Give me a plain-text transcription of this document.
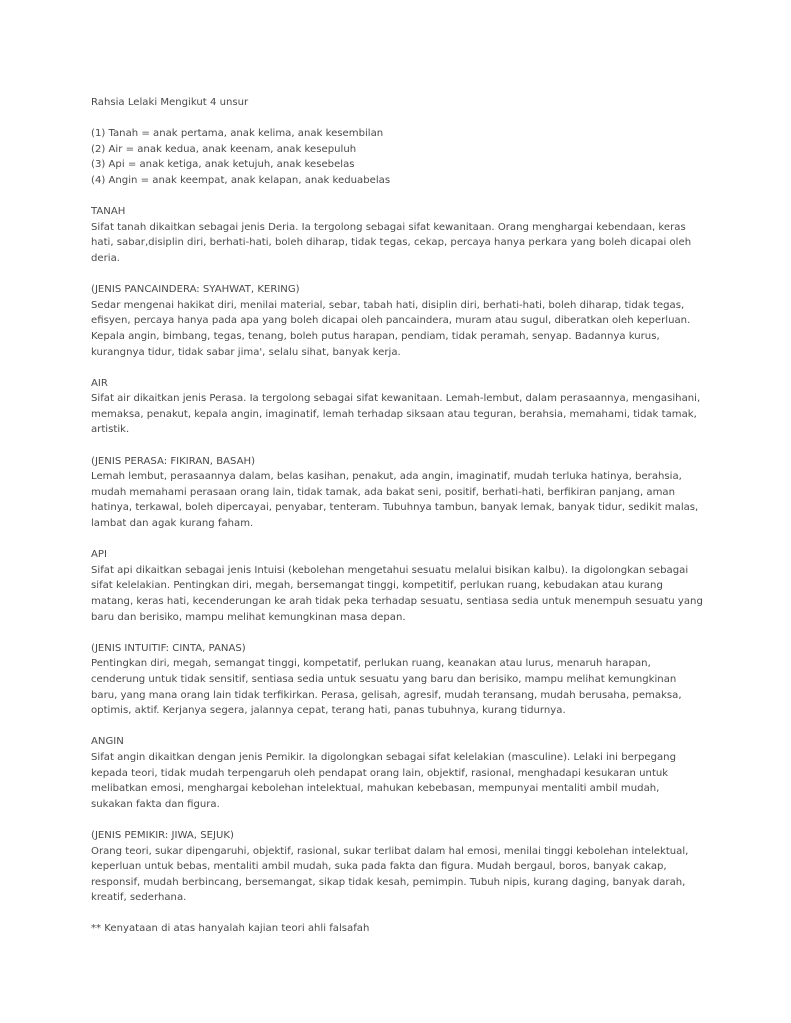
Rahsia Lelaki Mengikut 4 unsur

(1) Tanah = anak pertama, anak kelima, anak kesembilan

(2) Air = anak kedua, anak keenam, anak kesepuluh

(3) Api = anak ketiga, anak ketujuh, anak kesebelas

(4) Angin = anak keempat, anak kelapan, anak keduabelas

TANAH

Sifat tanah dikaitkan sebagai jenis Deria. Ia tergolong sebagai sifat kewanitaan. Orang menghargai kebendaan, keras hati, sabar,disiplin diri, berhati-hati, boleh diharap, tidak tegas, cekap, percaya hanya perkara yang boleh dicapai oleh deria.

(JENIS PANCAINDERA: SYAHWAT, KERING)

Sedar mengenai hakikat diri, menilai material, sebar, tabah hati, disiplin diri, berhati-hati, boleh diharap, tidak tegas, efisyen, percaya hanya pada apa yang boleh dicapai oleh pancaindera, muram atau sugul, diberatkan oleh keperluan. Kepala angin, bimbang, tegas, tenang, boleh putus harapan, pendiam, tidak peramah, senyap. Badannya kurus, kurangnya tidur, tidak sabar jima', selalu sihat, banyak kerja.

AIR

Sifat air dikaitkan jenis Perasa. Ia tergolong sebagai sifat kewanitaan. Lemah-lembut, dalam perasaannya, mengasihani, memaksa, penakut, kepala angin, imaginatif, lemah terhadap siksaan atau teguran, berahsia, memahami, tidak tamak, artistik.

(JENIS PERASA: FIKIRAN, BASAH)

Lemah lembut, perasaannya dalam, belas kasihan, penakut, ada angin, imaginatif, mudah terluka hatinya, berahsia, mudah memahami perasaan orang lain, tidak tamak, ada bakat seni, positif, berhati-hati, berfikiran panjang, aman hatinya, terkawal, boleh dipercayai, penyabar, tenteram. Tubuhnya tambun, banyak lemak, banyak tidur, sedikit malas, lambat dan agak kurang faham.

API

Sifat api dikaitkan sebagai jenis Intuisi (kebolehan mengetahui sesuatu melalui bisikan kalbu). Ia digolongkan sebagai sifat kelelakian. Pentingkan diri, megah, bersemangat tinggi, kompetitif, perlukan ruang, kebudakan atau kurang matang, keras hati, kecenderungan ke arah tidak peka terhadap sesuatu, sentiasa sedia untuk menempuh sesuatu yang baru dan berisiko, mampu melihat kemungkinan masa depan.

(JENIS INTUITIF: CINTA, PANAS)

Pentingkan diri, megah, semangat tinggi, kompetatif, perlukan ruang, keanakan atau lurus, menaruh harapan, cenderung untuk tidak sensitif, sentiasa sedia untuk sesuatu yang baru dan berisiko, mampu melihat kemungkinan baru, yang mana orang lain tidak terfikirkan. Perasa, gelisah, agresif, mudah teransang, mudah berusaha, pemaksa, optimis, aktif. Kerjanya segera, jalannya cepat, terang hati, panas tubuhnya, kurang tidurnya.

ANGIN

Sifat angin dikaitkan dengan jenis Pemikir. Ia digolongkan sebagai sifat kelelakian (masculine). Lelaki ini berpegang kepada teori, tidak mudah terpengaruh oleh pendapat orang lain, objektif, rasional, menghadapi kesukaran untuk melibatkan emosi, menghargai kebolehan intelektual, mahukan kebebasan, mempunyai mentaliti ambil mudah, sukakan fakta dan figura.

(JENIS PEMIKIR: JIWA, SEJUK)

Orang teori, sukar dipengaruhi, objektif, rasional, sukar terlibat dalam hal emosi, menilai tinggi kebolehan intelektual, keperluan untuk bebas, mentaliti ambil mudah, suka pada fakta dan figura. Mudah bergaul, boros, banyak cakap, responsif, mudah berbincang, bersemangat, sikap tidak kesah, pemimpin. Tubuh nipis, kurang daging, banyak darah, kreatif, sederhana.

** Kenyataan di atas hanyalah kajian teori ahli falsafah
